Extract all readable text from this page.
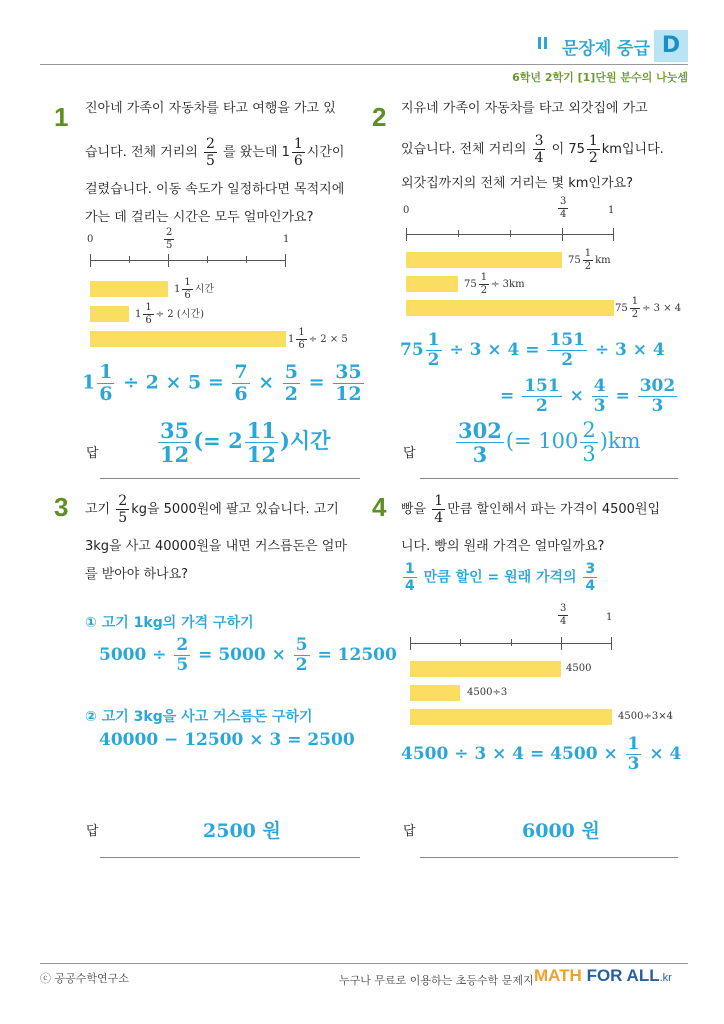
문장제 중급 D
6학년 2학기 [1]단원 분수의 나눗셈
1 진아네 가족이 자동차를 타고 여행을 가고 있
습니다. 전체 거리의 $\frac{2}{5}$ 를 왔는데 $1 \frac{1}{6}$ 시간이
걸렸습니다. 이동 속도가 일정하다면 목적지에
가는 데 걸리는 시간은 모두 얼마인가요?
0	1
$\frac{2}{5}$
$1 \frac{1}{6}$ 시간
$1 \frac{1}{6} \div 2$ (시간)
$1 \frac{1}{6} \div 2 \times 5$
$1 \frac{1}{6} \div 2 \times 5 = \frac{7}{6} \times \frac{5}{2} = \frac{35}{12}$
답	$\frac{35}{12}$ (= $2 \frac{11}{12}$ )시간
2 지유네 가족이 자동차를 타고 외갓집에 가고
있습니다. 전체 거리의 $\frac{3}{4}$ 이 $75 \frac{1}{2}$ km입니다.
외갓집까지의 전체 거리는 몇 km인가요?
0	1
$\frac{3}{4}$
$75 \frac{1}{2}$ km
$75 \frac{1}{2} \div 3km$
$75 \frac{1}{2} \div 3 \times 4$
$75 \frac{1}{2} \div 3 \times 4 = \frac{151}{2} \div 3 \times 4$
= $\frac{151}{2} \times \frac{4}{3} = \frac{302}{3}$
답 $\frac{302}{3}$ (= $100 \frac{2}{3} )km$
3 고기 $\frac{2}{5}$ kg을 5000원에 팔고 있습니다. 고기
3kg을 사고 40000원을 내면 거스름돈은 얼마
를 받아야 하나요?
① 고기 1kg의 가격 구하기
$5000 \div \frac{2}{5} = 5000 \times \frac{5}{2} = 12500$
② 고기 3kg을 사고 거스름돈 구하기
40000 − 12500 × 3 = 2500
답	2500 원
4 빵을 $\frac{1}{4}$ 만큼 할인해서 파는 가격이 4500원입
니다. 빵의 원래 가격은 얼마일까요?
$\frac{1}{4}$ 만큼 할인 = 원래 가격의 $\frac{3}{4}$
1
$\frac{3}{4}$
4500
4500÷3
4500÷3×4
$4500 \div 3 \times 4 = 4500 \times \frac{1}{3} \times 4$
답	6000 원
ⓒ 공공수학연구소	누구나 무료로 이용하는 초등수학 문제지 MATH FOR ALL.kr
